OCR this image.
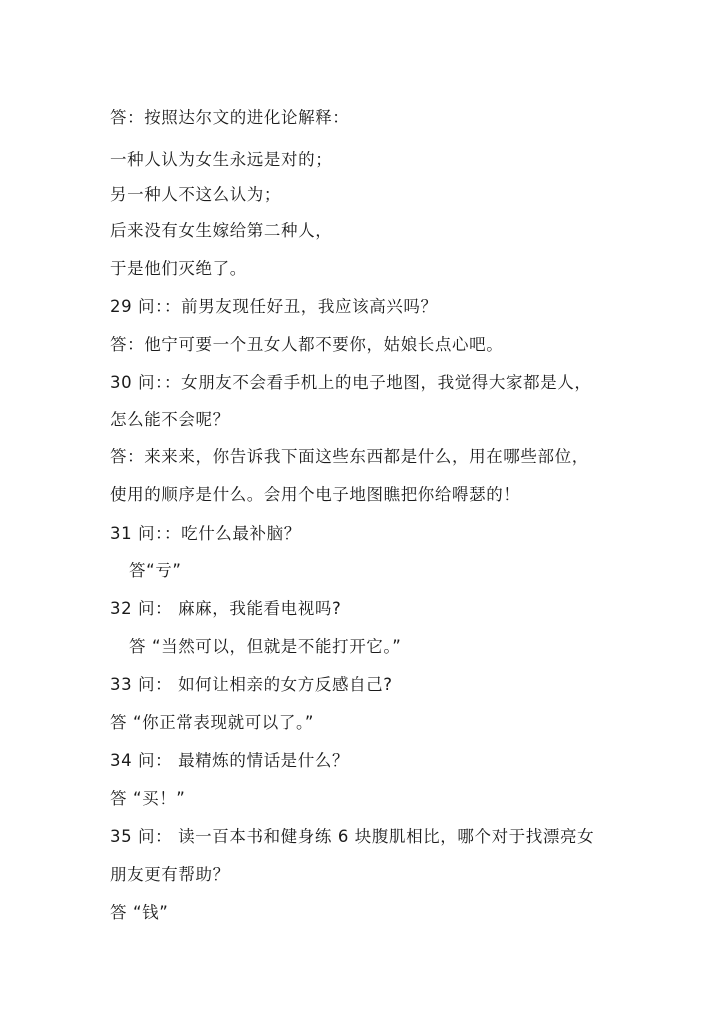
答：按照达尔文的进化论解释：
一种人认为女生永远是对的；
另一种人不这么认为；
后来没有女生嫁给第二种人，
于是他们灭绝了。
29 问：：前男友现任好丑，我应该高兴吗？
答：他宁可要一个丑女人都不要你，姑娘长点心吧。
30 问：：女朋友不会看手机上的电子地图，我觉得大家都是人，
怎么能不会呢？
答：来来来，你告诉我下面这些东西都是什么，用在哪些部位，
使用的顺序是什么。会用个电子地图瞧把你给嘚瑟的！
31 问：：吃什么最补脑？
答“亏”
32 问： 麻麻，我能看电视吗?
答 “当然可以，但就是不能打开它。”
33 问： 如何让相亲的女方反感自己?
答 “你正常表现就可以了。”
34 问： 最精炼的情话是什么？
答 “买！”
35 问： 读一百本书和健身练 6 块腹肌相比，哪个对于找漂亮女
朋友更有帮助？
答 “钱”
